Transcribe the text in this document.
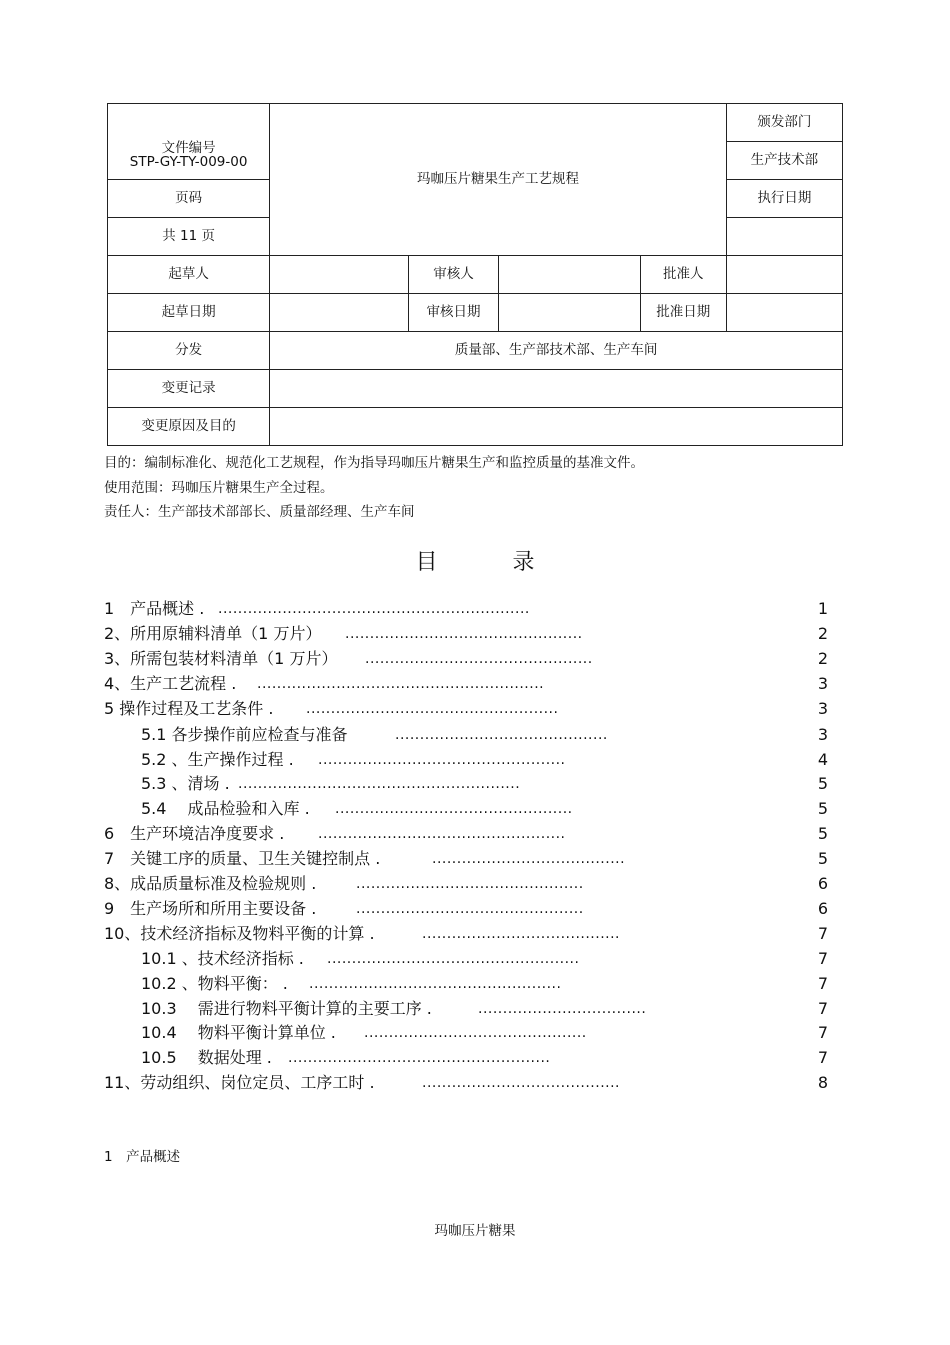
文件编号
STP-GY-TY-009-00	玛咖压片糖果生产工艺规程				颁发部门
					生产技术部
页码					执行日期
共 11 页					
起草人		审核人		批准人	
起草日期		审核日期		批准日期	
分发	质量部、生产部技术部、生产车间				
变更记录					
变更原因及目的					
目的：编制标准化、规范化工艺规程，作为指导玛咖压片糖果生产和监控质量的基准文件。
使用范围：玛咖压片糖果生产全过程。
责任人：生产部技术部部长、质量部经理、生产车间
目	录
1　产品概述 . ...............................................................	1
2、所用原辅料清单（1 万片） ................................................	2
3、所需包装材料清单（1 万片） ..............................................	2
4、生产工艺流程 . ..........................................................	3
5 操作过程及工艺条件 . ...................................................	3
5.1 各步操作前应检查与准备	...........................................	3
5.2 、生产操作过程 . ..................................................	4
5.3 、清场 . .........................................................	5
5.4　 成品检验和入库 . ................................................	5
6　生产环境洁净度要求 . ..................................................	5
7　关键工序的质量、卫生关键控制点 .	.......................................	5
8、成品质量标准及检验规则 .	..............................................	6
9　生产场所和所用主要设备 .	..............................................	6
10、技术经济指标及物料平衡的计算 .	........................................	7
10.1 、技术经济指标 . ...................................................	7
10.2 、物料平衡： . ...................................................	7
10.3　 需进行物料平衡计算的主要工序 .	..................................	7
10.4　 物料平衡计算单位 . .............................................	7
10.5　 数据处理 . .....................................................	7
11、劳动组织、岗位定员、工序工时 .	........................................	8
1　产品概述
玛咖压片糖果
